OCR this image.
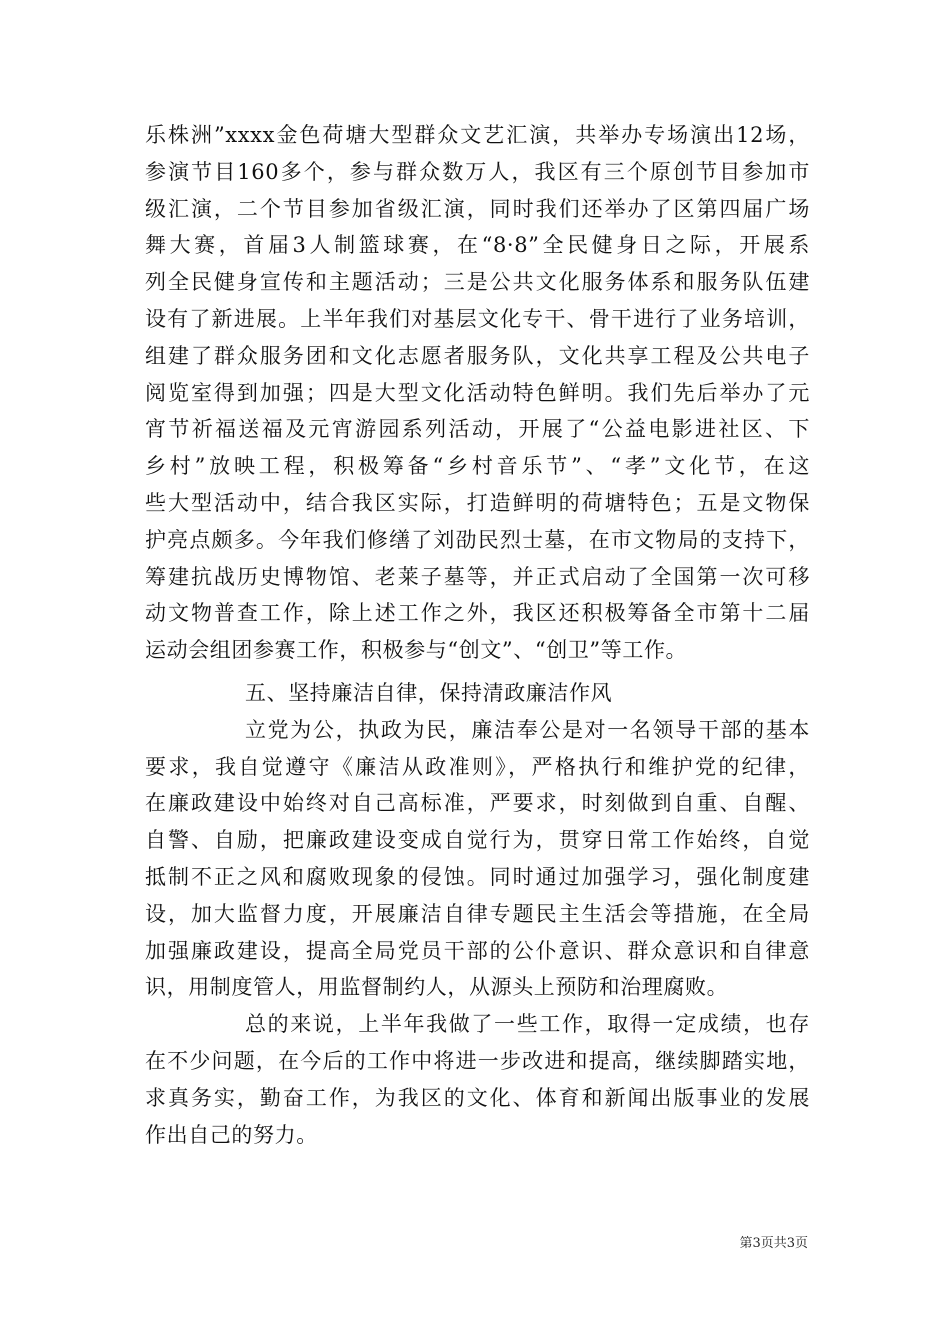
乐株洲”xxxx金色荷塘大型群众文艺汇演，共举办专场演出12场，
参演节目160多个，参与群众数万人，我区有三个原创节目参加市
级汇演，二个节目参加省级汇演，同时我们还举办了区第四届广场
舞大赛，首届3人制篮球赛，在“8·8”全民健身日之际，开展系
列全民健身宣传和主题活动；三是公共文化服务体系和服务队伍建
设有了新进展。上半年我们对基层文化专干、骨干进行了业务培训，
组建了群众服务团和文化志愿者服务队，文化共享工程及公共电子
阅览室得到加强；四是大型文化活动特色鲜明。我们先后举办了元
宵节祈福送福及元宵游园系列活动，开展了“公益电影进社区、下
乡村”放映工程，积极筹备“乡村音乐节”、“孝”文化节，在这
些大型活动中，结合我区实际，打造鲜明的荷塘特色；五是文物保
护亮点颇多。今年我们修缮了刘劭民烈士墓，在市文物局的支持下，
筹建抗战历史博物馆、老莱子墓等，并正式启动了全国第一次可移
动文物普查工作，除上述工作之外，我区还积极筹备全市第十二届
运动会组团参赛工作，积极参与“创文”、“创卫”等工作。
五、坚持廉洁自律，保持清政廉洁作风
立党为公，执政为民，廉洁奉公是对一名领导干部的基本
要求，我自觉遵守《廉洁从政准则》，严格执行和维护党的纪律，
在廉政建设中始终对自己高标准，严要求，时刻做到自重、自醒、
自警、自励，把廉政建设变成自觉行为，贯穿日常工作始终，自觉
抵制不正之风和腐败现象的侵蚀。同时通过加强学习，强化制度建
设，加大监督力度，开展廉洁自律专题民主生活会等措施，在全局
加强廉政建设，提高全局党员干部的公仆意识、群众意识和自律意
识，用制度管人，用监督制约人，从源头上预防和治理腐败。
总的来说，上半年我做了一些工作，取得一定成绩，也存
在不少问题，在今后的工作中将进一步改进和提高，继续脚踏实地，
求真务实，勤奋工作，为我区的文化、体育和新闻出版事业的发展
作出自己的努力。
第3页共3页
